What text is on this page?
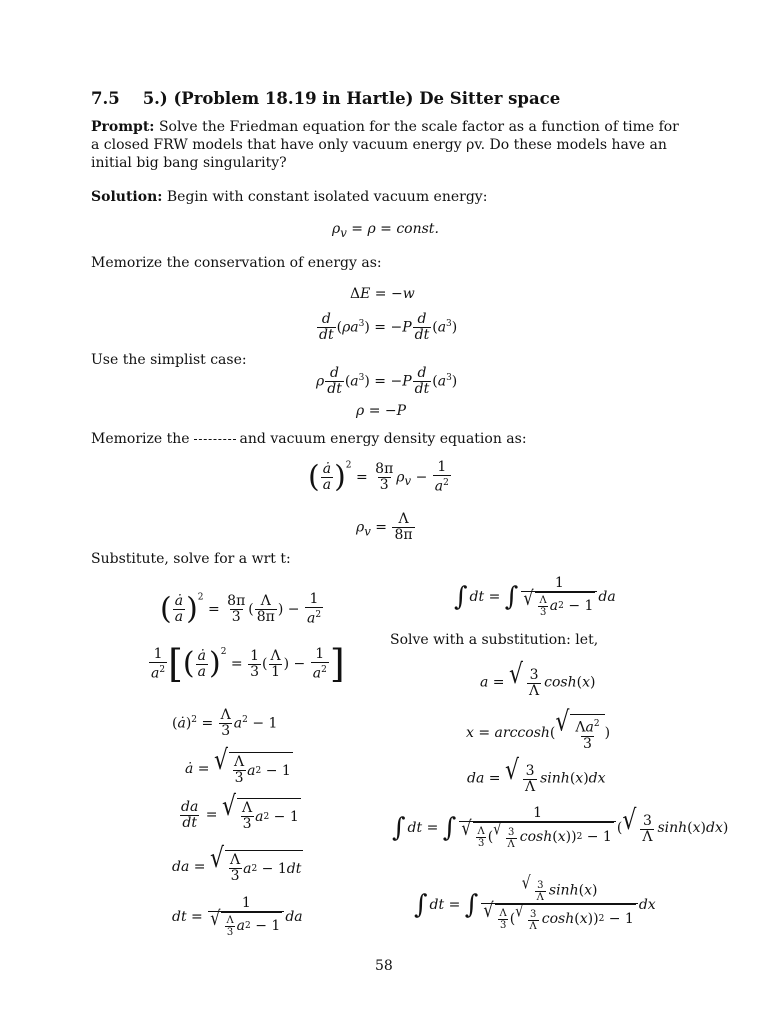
7.5 5.) (Problem 18.19 in Hartle) De Sitter space
Prompt: Solve the Friedman equation for the scale factor as a function of time for a closed FRW models that have only vacuum energy ρv. Do these models have an initial big bang singularity?
Solution: Begin with constant isolated vacuum energy:
$\rho_v = \rho$ = const.
Memorize the conservation of energy as:
ΔE = −w
$\frac{d}{dt} (\rho a^3) = -P \frac{d}{dt} (a^3)$
Use the simplist case:
ρ $\frac{d}{dt} (a^3) = -P \frac{d}{dt} (a^3)$
ρ = −P
Memorize the	and vacuum energy density equation as:
( $\frac{ȧ}{a} )^2 = \frac{8\pi}{3} \rho_v - \frac{1}{a^2}$
$\rho_v = \frac{\Lambda}{8\pi}$
Substitute, solve for a wrt t:
( $\frac{ȧ}{a} )^2 = \frac{8\pi}{3}$ ( $\frac{\Lambda}{8\pi}$ ) − $\frac{1}{a^2}$
$\frac{1}{a^2}$ [( $\frac{ȧ}{a} )^2 = \frac{1}{3}$ ( $\frac{\Lambda}{1}$ ) − $\frac{1}{a^2}$ ]
(ȧ)$^2$ = $\frac{\Lambda}{3} a^2 - 1$
ȧ = √ $\frac{\Lambda}{3}$ a 2
− 1
$\frac{da}{dt}$ = √ $\frac{\Lambda}{3}$ a 2
− 1
da = √ $\frac{\Lambda}{3}$ a 2
− 1 dt
dt = 1
√ $\frac{\Lambda}{3}$ a 2
− 1 da
∫ dt = ∫ 1
√ $\frac{\Lambda}{3}$ a 2
− 1 da
Solve with a substitution: let,
a = √ $\frac{3}{\Lambda} \cosh(x)$
x = arccosh( √ $\frac{\Lambda a^2}{3}$ )
da = √ $\frac{3}{\Lambda} \sinh(x)dx$
∫ dt = ∫ 1
√ $\frac{\Lambda}{3}$ ( √ $\frac{3}{\Lambda}$ cosh ( x )) 2
− 1 ( √ $\frac{3}{\Lambda} \sinh(x)dx$)
∫ dt = ∫ √ $\frac{3}{\Lambda} \sinh(x)$
√ $\frac{\Lambda}{3}$ ( √ $\frac{3}{\Lambda}$ cosh ( x )) 2
− 1 dx
58
